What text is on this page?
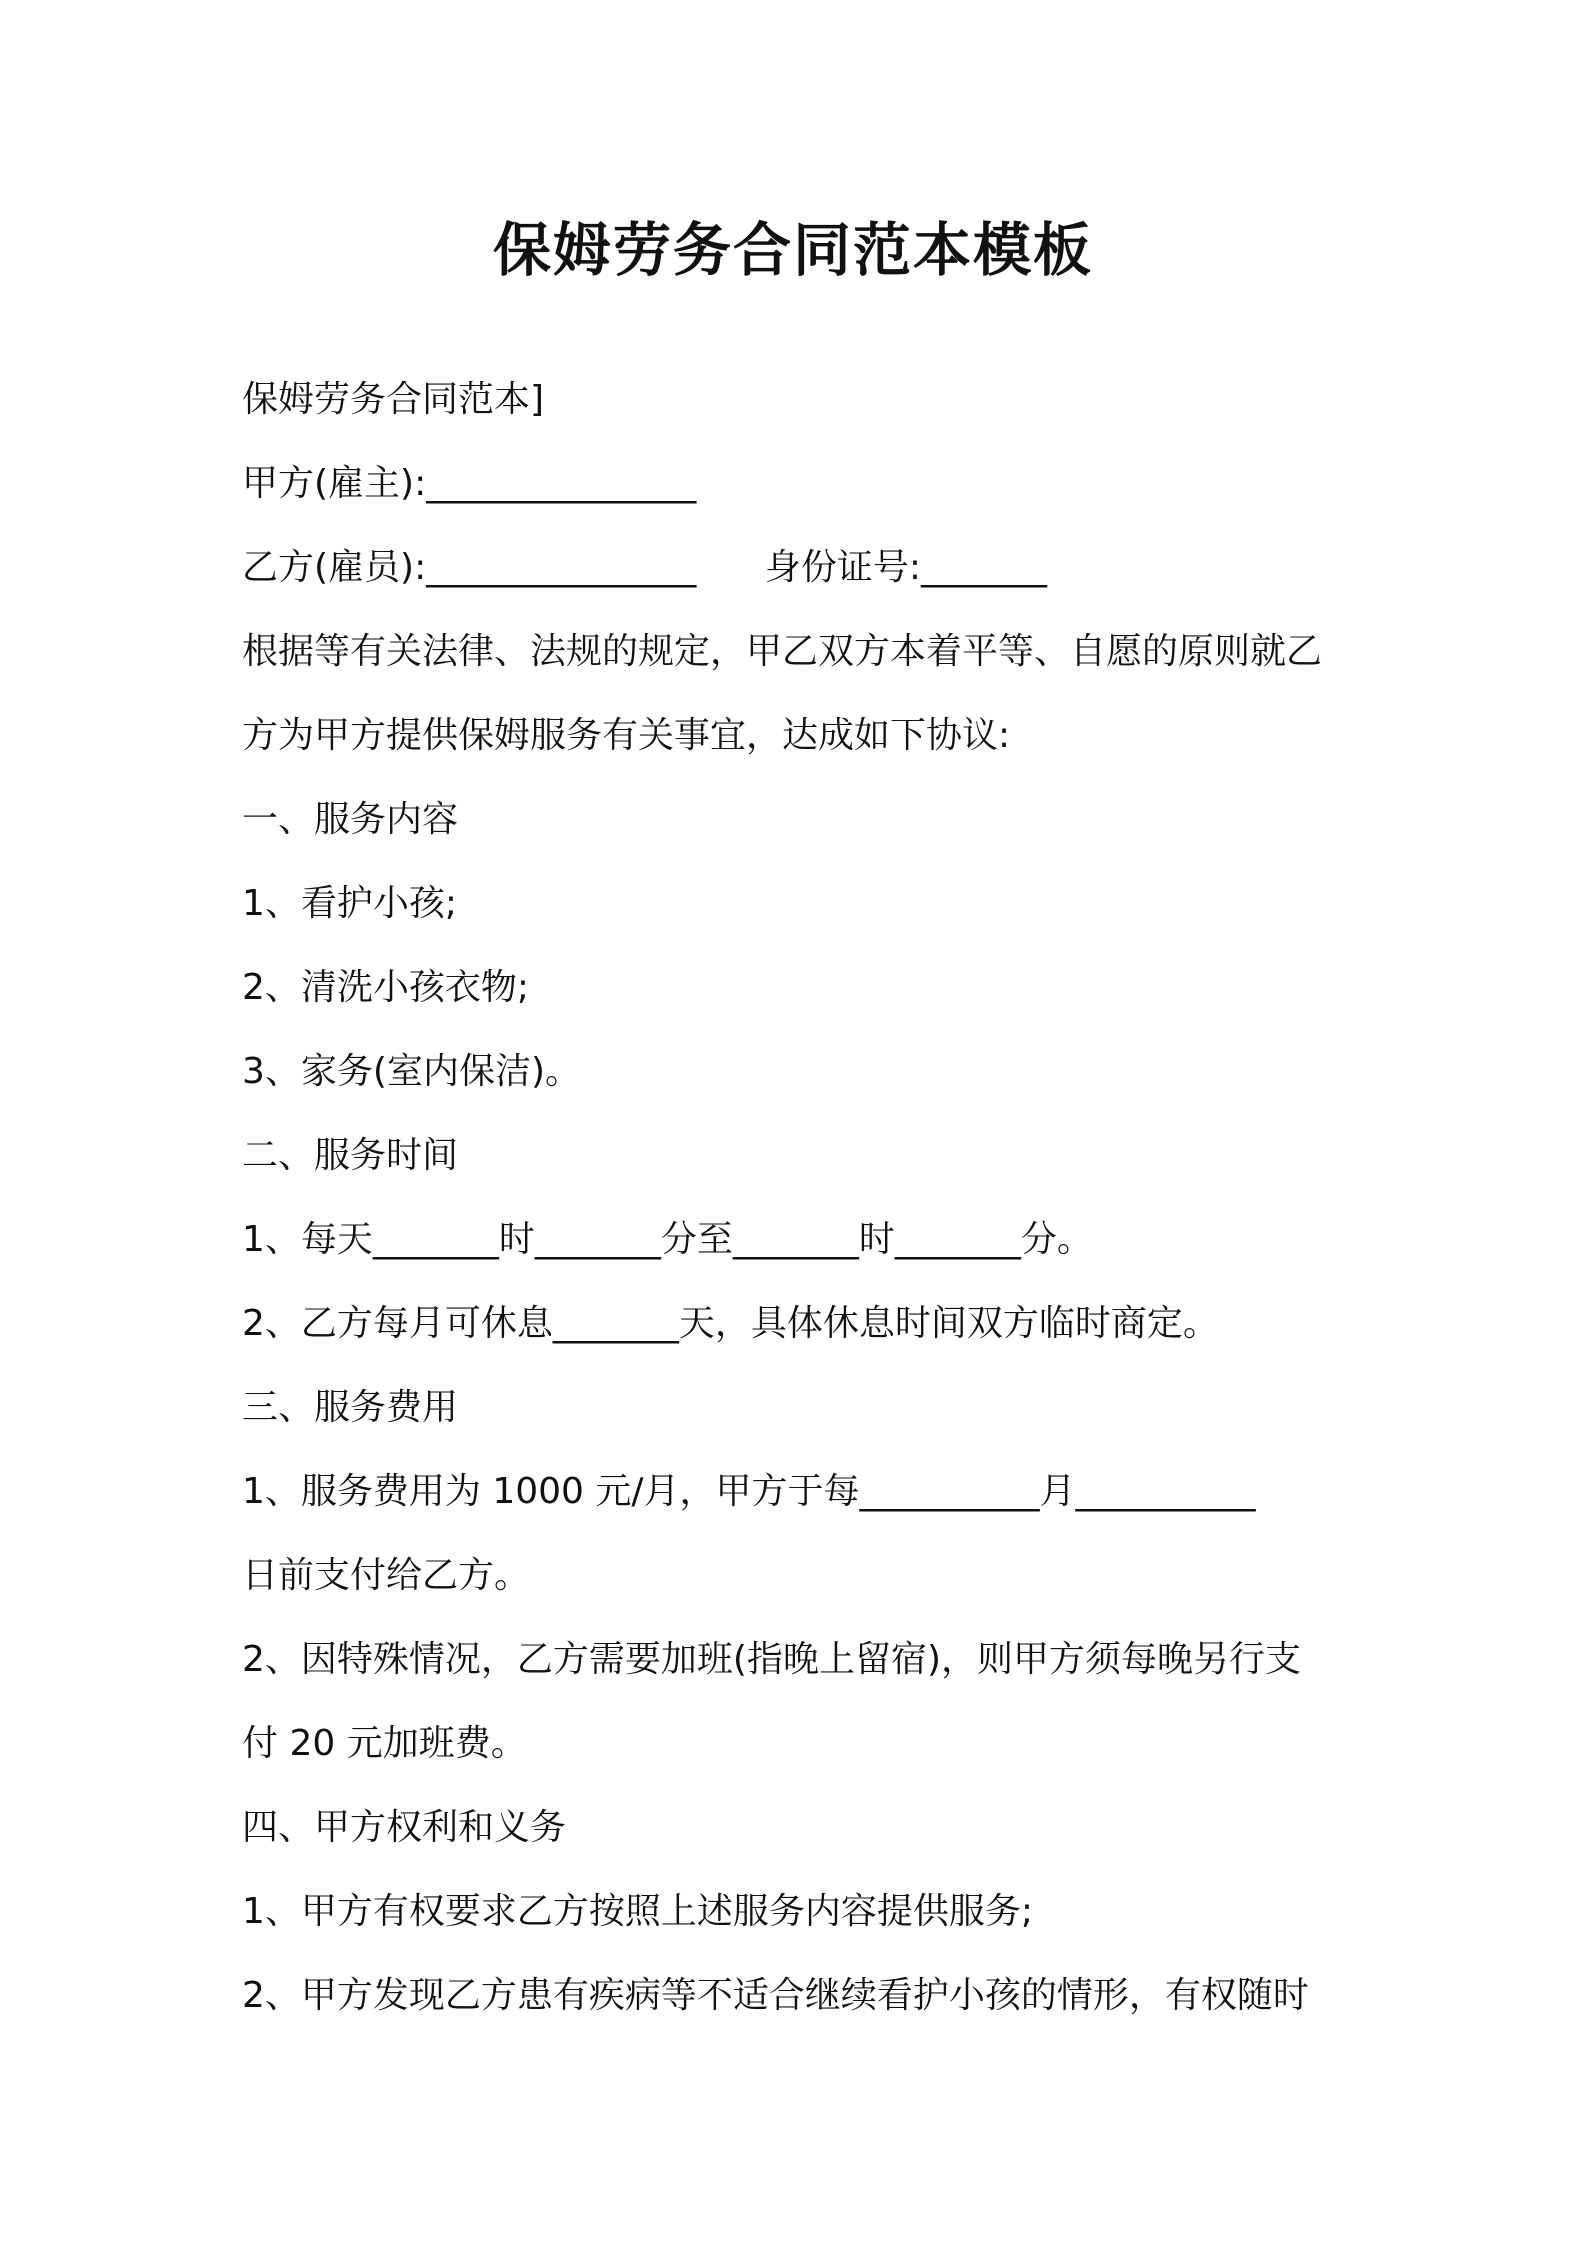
保姆劳务合同范本模板

保姆劳务合同范本]

甲方(雇主):_______________

乙方(雇员):_______________      身份证号:_______

根据等有关法律、法规的规定，甲乙双方本着平等、自愿的原则就乙

方为甲方提供保姆服务有关事宜，达成如下协议:

一、服务内容

1、看护小孩;

2、清洗小孩衣物;

3、家务(室内保洁)。

二、服务时间

1、每天_______时_______分至_______时_______分。

2、乙方每月可休息_______天，具体休息时间双方临时商定。

三、服务费用

1、服务费用为 1000 元/月，甲方于每__________月__________

日前支付给乙方。

2、因特殊情况，乙方需要加班(指晚上留宿)，则甲方须每晚另行支

付 20 元加班费。

四、甲方权利和义务

1、甲方有权要求乙方按照上述服务内容提供服务;

2、甲方发现乙方患有疾病等不适合继续看护小孩的情形，有权随时
